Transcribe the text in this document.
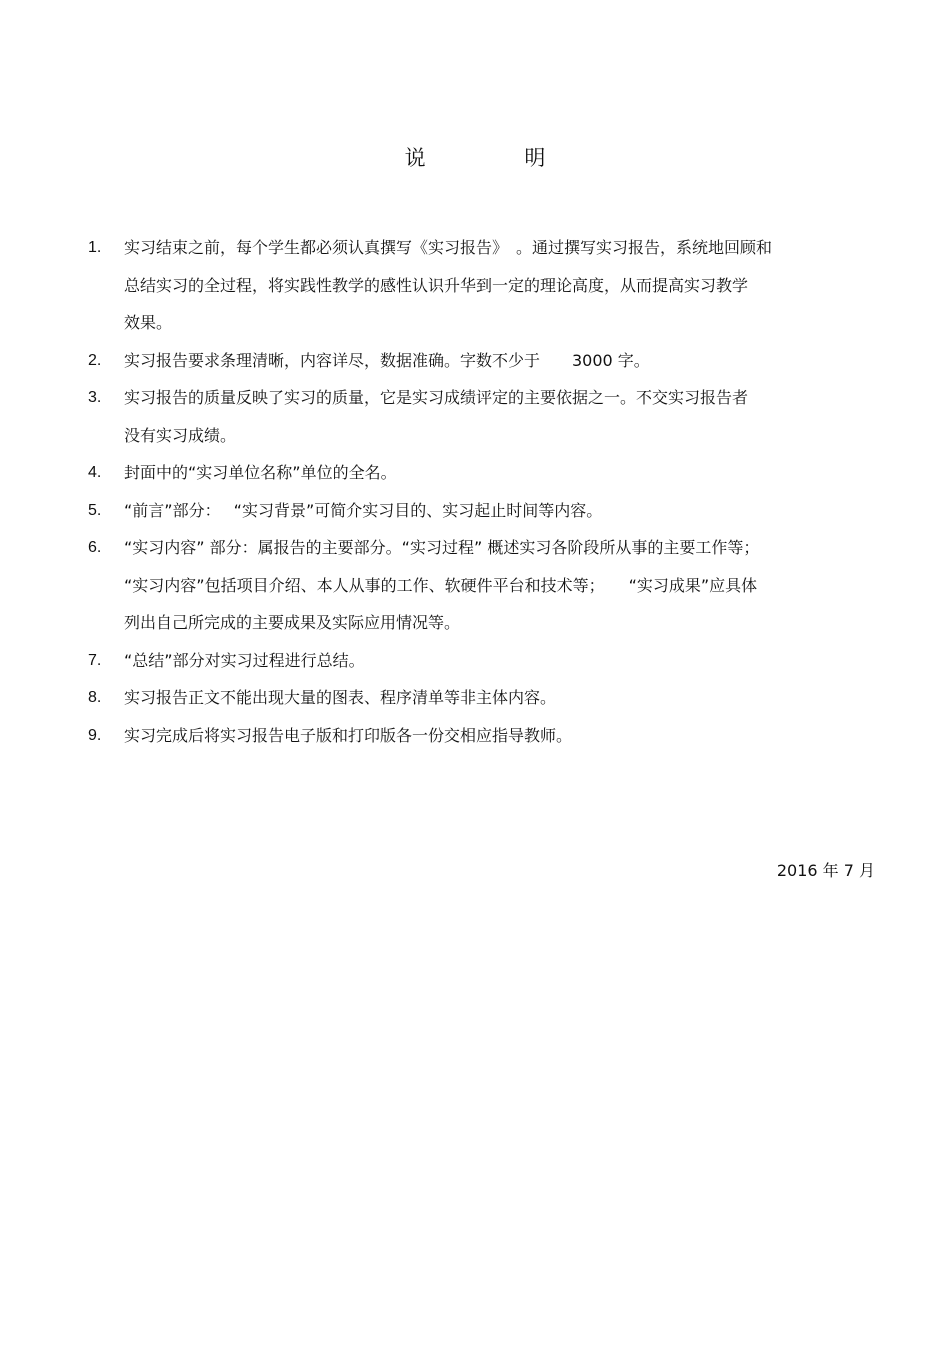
说 明
1. 实习结束之前，每个学生都必须认真撰写《实习报告》　。通过撰写实习报告，系统地回顾和
总结实习的全过程，将实践性教学的感性认识升华到一定的理论高度，从而提高实习教学
效果。
2. 实习报告要求条理清晰，内容详尽，数据准确。字数不少于　　3000 字。
3. 实习报告的质量反映了实习的质量，它是实习成绩评定的主要依据之一。不交实习报告者
没有实习成绩。
4. 封面中的“实习单位名称”单位的全名。
5. “前言”部分：　 “实习背景”可简介实习目的、实习起止时间等内容。
6. “实习内容” 部分：属报告的主要部分。“实习过程” 概述实习各阶段所从事的主要工作等；
“实习内容”包括项目介绍、本人从事的工作、软硬件平台和技术等；　　“实习成果”应具体
列出自己所完成的主要成果及实际应用情况等。
7. “总结”部分对实习过程进行总结。
8. 实习报告正文不能出现大量的图表、程序清单等非主体内容。
9. 实习完成后将实习报告电子版和打印版各一份交相应指导教师。
2016 年 7 月
